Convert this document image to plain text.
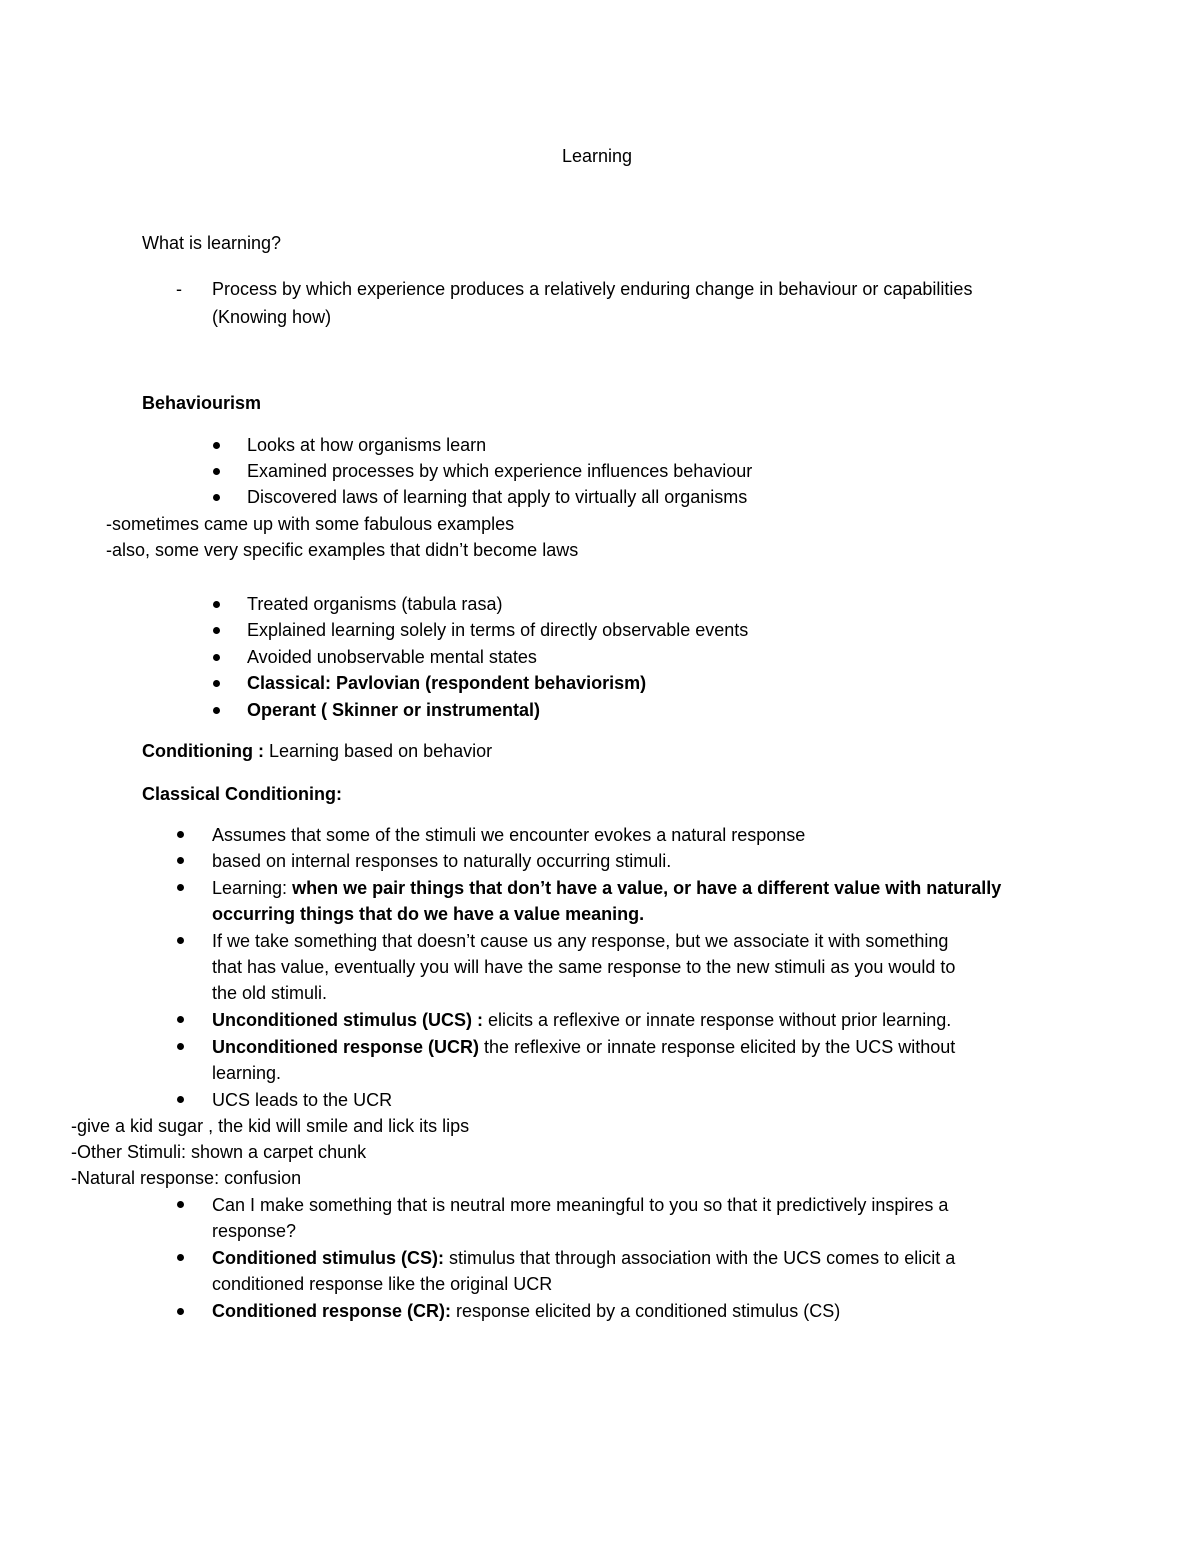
Learning
What is learning?
- Process by which experience produces a relatively enduring change in behaviour or capabilities
(Knowing how)
Behaviourism
Looks at how organisms learn
Examined processes by which experience influences behaviour
Discovered laws of learning that apply to virtually all organisms
-sometimes came up with some fabulous examples
-also, some very specific examples that didn’t become laws
Treated organisms (tabula rasa)
Explained learning solely in terms of directly observable events
Avoided unobservable mental states
Classical: Pavlovian (respondent behaviorism)
Operant ( Skinner or instrumental)
Conditioning : Learning based on behavior
Classical Conditioning:
Assumes that some of the stimuli we encounter evokes a natural response
based on internal responses to naturally occurring stimuli.
Learning: when we pair things that don’t have a value, or have a different value with naturally
occurring things that do we have a value meaning.
If we take something that doesn’t cause us any response, but we associate it with something
that has value, eventually you will have the same response to the new stimuli as you would to
the old stimuli.
Unconditioned stimulus (UCS) : elicits a reflexive or innate response without prior learning.
Unconditioned response (UCR) the reflexive or innate response elicited by the UCS without
learning.
UCS leads to the UCR
-give a kid sugar , the kid will smile and lick its lips
-Other Stimuli: shown a carpet chunk
-Natural response: confusion
Can I make something that is neutral more meaningful to you so that it predictively inspires a
response?
Conditioned stimulus (CS): stimulus that through association with the UCS comes to elicit a
conditioned response like the original UCR
Conditioned response (CR): response elicited by a conditioned stimulus (CS)
